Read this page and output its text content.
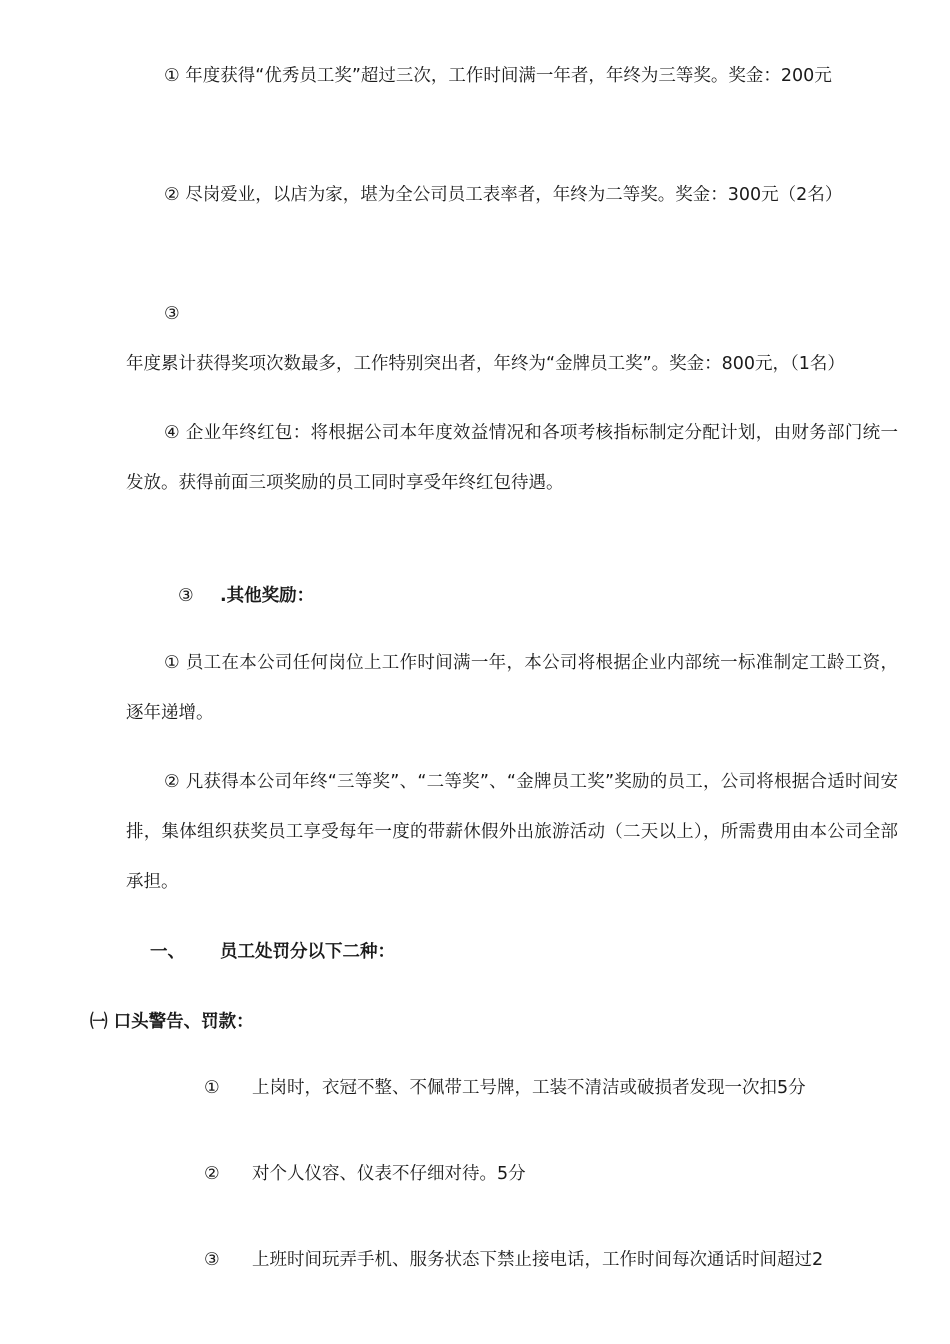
① 年度获得“优秀员工奖”超过三次，工作时间满一年者，年终为三等奖。奖金：200元

② 尽岗爱业，以店为家，堪为全公司员工表率者，年终为二等奖。奖金：300元（2名）

③ 年度累计获得奖项次数最多，工作特别突出者，年终为“金牌员工奖”。奖金：800元，（1名）

④ 企业年终红包：将根据公司本年度效益情况和各项考核指标制定分配计划，由财务部门统一发放。获得前面三项奖励的员工同时享受年终红包待遇。

③ .其他奖励：

① 员工在本公司任何岗位上工作时间满一年，本公司将根据企业内部统一标准制定工龄工资，逐年递增。

② 凡获得本公司年终“三等奖”、“二等奖”、“金牌员工奖”奖励的员工，公司将根据合适时间安排，集体组织获奖员工享受每年一度的带薪休假外出旅游活动（二天以上），所需费用由本公司全部承担。

一、 员工处罚分以下二种：

㈠ 口头警告、罚款：

① 上岗时，衣冠不整、不佩带工号牌，工装不清洁或破损者发现一次扣5分

② 对个人仪容、仪表不仔细对待。5分

③ 上班时间玩弄手机、服务状态下禁止接电话，工作时间每次通话时间超过2
